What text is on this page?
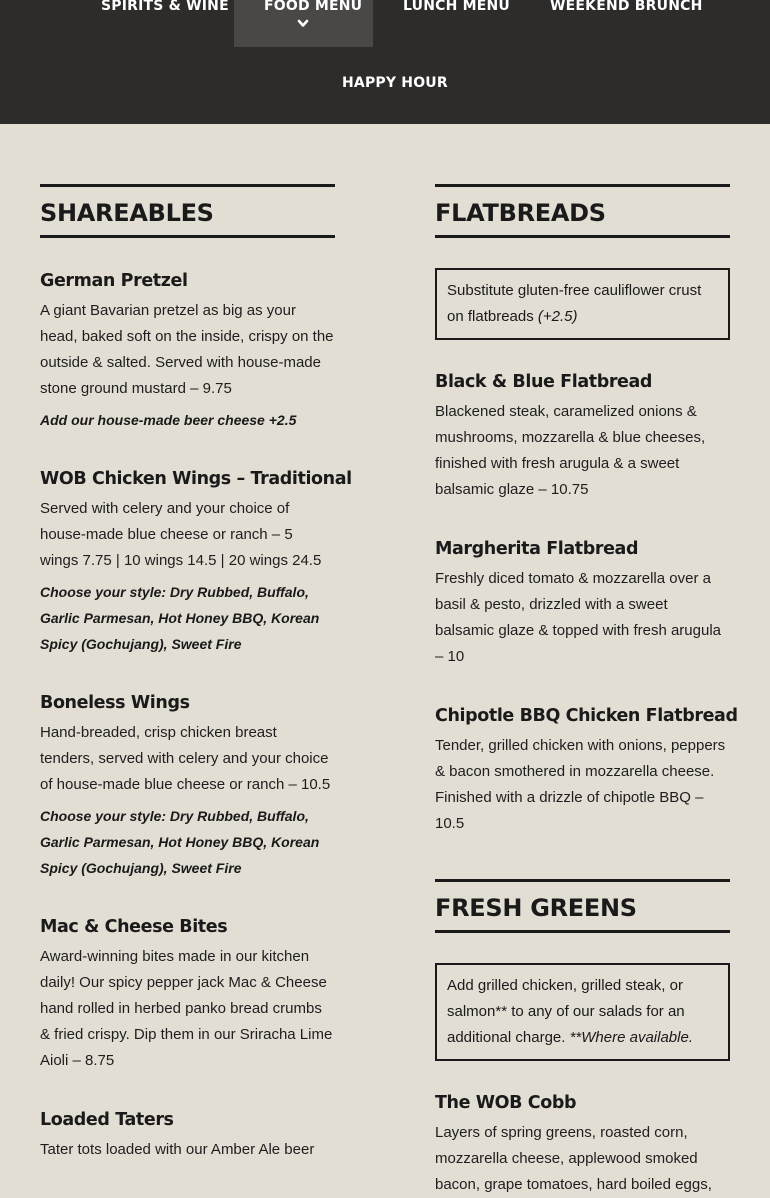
SPIRITS & WINE	FOOD MENU	LUNCH MENU	WEEKEND BRUNCH
HAPPY HOUR
SHAREABLES
German Pretzel
A giant Bavarian pretzel as big as your head, baked soft on the inside, crispy on the outside & salted. Served with house-made stone ground mustard – 9.75
Add our house-made beer cheese +2.5
WOB Chicken Wings – Traditional
Served with celery and your choice of house-made blue cheese or ranch – 5 wings 7.75 | 10 wings 14.5 | 20 wings 24.5
Choose your style: Dry Rubbed, Buffalo, Garlic Parmesan, Hot Honey BBQ, Korean Spicy (Gochujang), Sweet Fire
Boneless Wings
Hand-breaded, crisp chicken breast tenders, served with celery and your choice of house-made blue cheese or ranch – 10.5
Choose your style: Dry Rubbed, Buffalo, Garlic Parmesan, Hot Honey BBQ, Korean Spicy (Gochujang), Sweet Fire
Mac & Cheese Bites
Award-winning bites made in our kitchen daily! Our spicy pepper jack Mac & Cheese hand rolled in herbed panko bread crumbs & fried crispy. Dip them in our Sriracha Lime Aioli – 8.75
Loaded Taters
Tater tots loaded with our Amber Ale beer
FLATBREADS
Substitute gluten-free cauliflower crust on flatbreads (+2.5)
Black & Blue Flatbread
Blackened steak, caramelized onions & mushrooms, mozzarella & blue cheeses, finished with fresh arugula & a sweet balsamic glaze – 10.75
Margherita Flatbread
Freshly diced tomato & mozzarella over a basil & pesto, drizzled with a sweet balsamic glaze & topped with fresh arugula – 10
Chipotle BBQ Chicken Flatbread
Tender, grilled chicken with onions, peppers & bacon smothered in mozzarella cheese. Finished with a drizzle of chipotle BBQ – 10.5
FRESH GREENS
Add grilled chicken, grilled steak, or salmon** to any of our salads for an additional charge. **Where available.
The WOB Cobb
Layers of spring greens, roasted corn, mozzarella cheese, applewood smoked bacon, grape tomatoes, hard boiled eggs,
